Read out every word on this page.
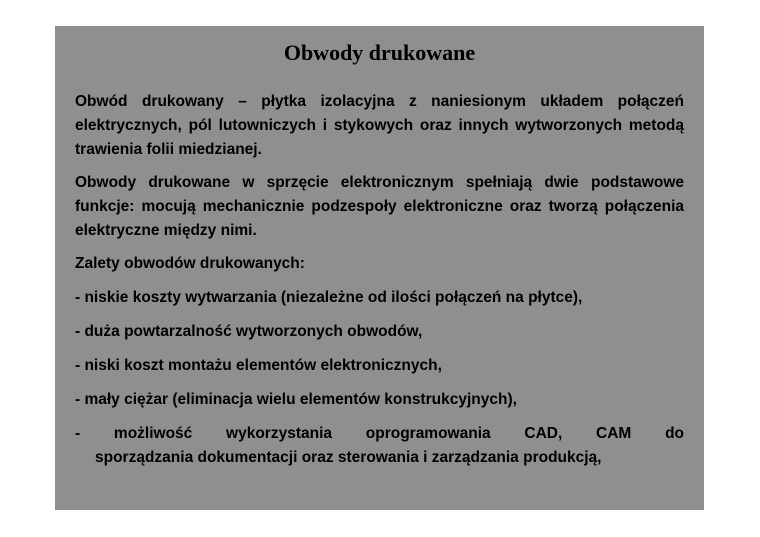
Obwody drukowane

Obwód drukowany – płytka izolacyjna z naniesionym układem połączeń elektrycznych, pól lutowniczych i stykowych oraz innych wytworzonych metodą trawienia folii miedzianej.

Obwody drukowane w sprzęcie elektronicznym spełniają dwie podstawowe funkcje: mocują mechanicznie podzespoły elektroniczne oraz tworzą połączenia elektryczne między nimi.

Zalety obwodów drukowanych:

- niskie koszty wytwarzania (niezależne od ilości połączeń na płytce),
- duża powtarzalność wytworzonych obwodów,
- niski koszt montażu elementów elektronicznych,
- mały ciężar (eliminacja wielu elementów konstrukcyjnych),
- możliwość wykorzystania oprogramowania CAD, CAM do
sporządzania dokumentacji oraz sterowania i zarządzania produkcją,
